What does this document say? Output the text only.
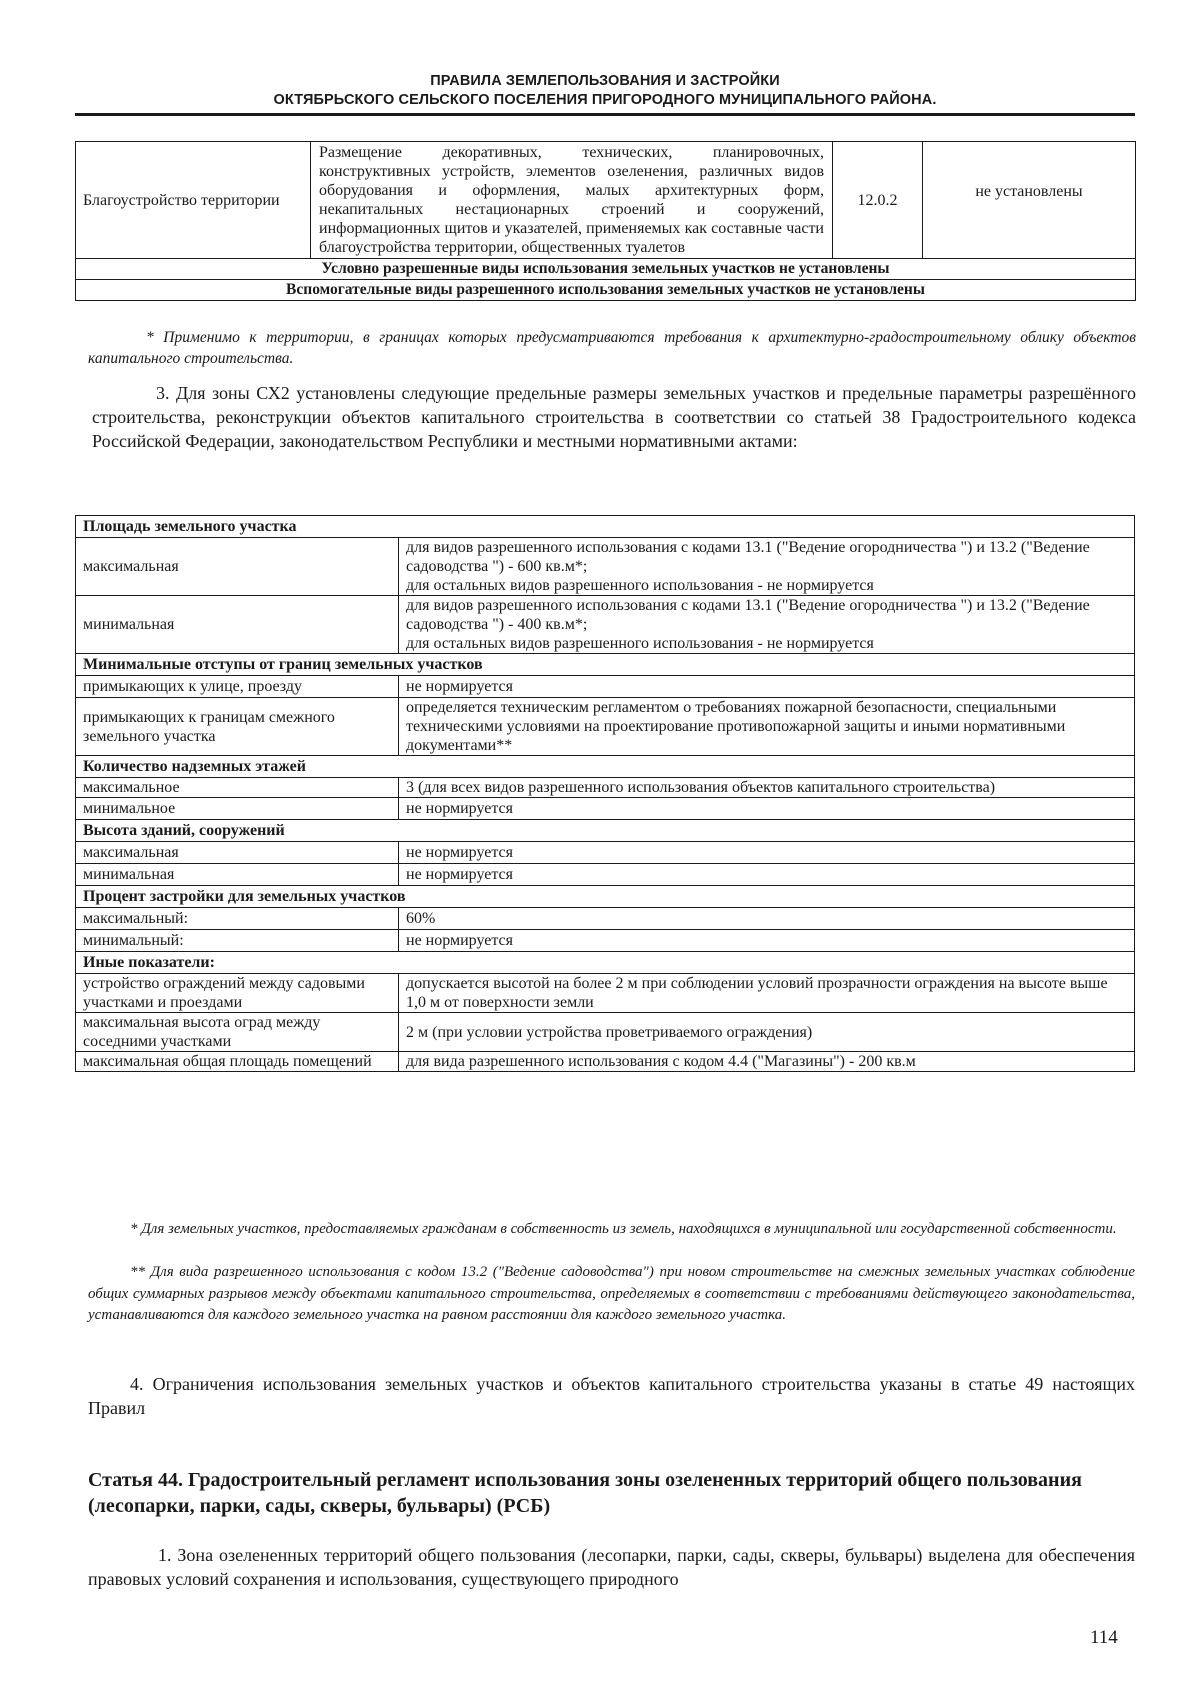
ПРАВИЛА ЗЕМЛЕПОЛЬЗОВАНИЯ И ЗАСТРОЙКИ
ОКТЯБРЬСКОГО СЕЛЬСКОГО ПОСЕЛЕНИЯ ПРИГОРОДНОГО МУНИЦИПАЛЬНОГО РАЙОНА.
Благоустройство территории	Размещение декоративных, технических, планировочных, конструктивных устройств, элементов озеленения, различных видов оборудования и оформления, малых архитектурных форм, некапитальных нестационарных строений и сооружений, информационных щитов и указателей, применяемых как составные части благоустройства территории, общественных туалетов	12.0.2	не установлены
Условно разрешенные виды использования земельных участков не установлены
Вспомогательные виды разрешенного использования земельных участков не установлены

* Применимо к территории, в границах которых предусматриваются требования к архитектурно-градостроительному облику объектов капитального строительства.

3. Для зоны СХ2 установлены следующие предельные размеры земельных участков и предельные параметры разрешённого строительства, реконструкции объектов капитального строительства в соответствии со статьей 38 Градостроительного кодекса Российской Федерации, законодательством Республики и местными нормативными актами:

Площадь земельного участка	
максимальная	для видов разрешенного использования с кодами 13.1 ("Ведение огородничества ") и 13.2 ("Ведение садоводства ") - 600 кв.м*;
для остальных видов разрешенного использования - не нормируется

минимальная	для видов разрешенного использования с кодами 13.1 ("Ведение огородничества ") и 13.2 ("Ведение садоводства ") - 400 кв.м*;
для остальных видов разрешенного использования - не нормируется

Минимальные отступы от границ земельных участков	
примыкающих к улице, проезду	не нормируется
примыкающих к границам смежного земельного участка	определяется техническим регламентом о требованиях пожарной безопасности, специальными техническими условиями на проектирование противопожарной защиты и иными нормативными документами**
Количество надземных этажей	
максимальное	3 (для всех видов разрешенного использования объектов капитального строительства)
минимальное	не нормируется
Высота зданий, сооружений	
максимальная	не нормируется
минимальная	не нормируется
Процент застройки для земельных участков	
максимальный:	60%
минимальный:	не нормируется
Иные показатели:	
устройство ограждений между садовыми участками и проездами	допускается высотой на более 2 м при соблюдении условий прозрачности ограждения на высоте выше 1,0 м от поверхности земли
максимальная высота оград между соседними участками	2 м (при условии устройства проветриваемого ограждения)
максимальная общая площадь помещений	для вида разрешенного использования с кодом 4.4 ("Магазины") - 200 кв.м

* Для земельных участков, предоставляемых гражданам в собственность из земель, находящихся в муниципальной или государственной собственности.

** Для вида разрешенного использования с кодом 13.2 ("Ведение садоводства") при новом строительстве на смежных земельных участках соблюдение общих суммарных разрывов между объектами капитального строительства, определяемых в соответствии с требованиями действующего законодательства, устанавливаются для каждого земельного участка на равном расстоянии для каждого земельного участка.

4. Ограничения использования земельных участков и объектов капитального строительства указаны в статье 49 настоящих Правил

Статья 44. Градостроительный регламент использования зоны озелененных территорий общего пользования (лесопарки, парки, сады, скверы, бульвары) (РСБ)

1. Зона озелененных территорий общего пользования (лесопарки, парки, сады, скверы, бульвары) выделена для обеспечения правовых условий сохранения и использования, существующего природного

114
